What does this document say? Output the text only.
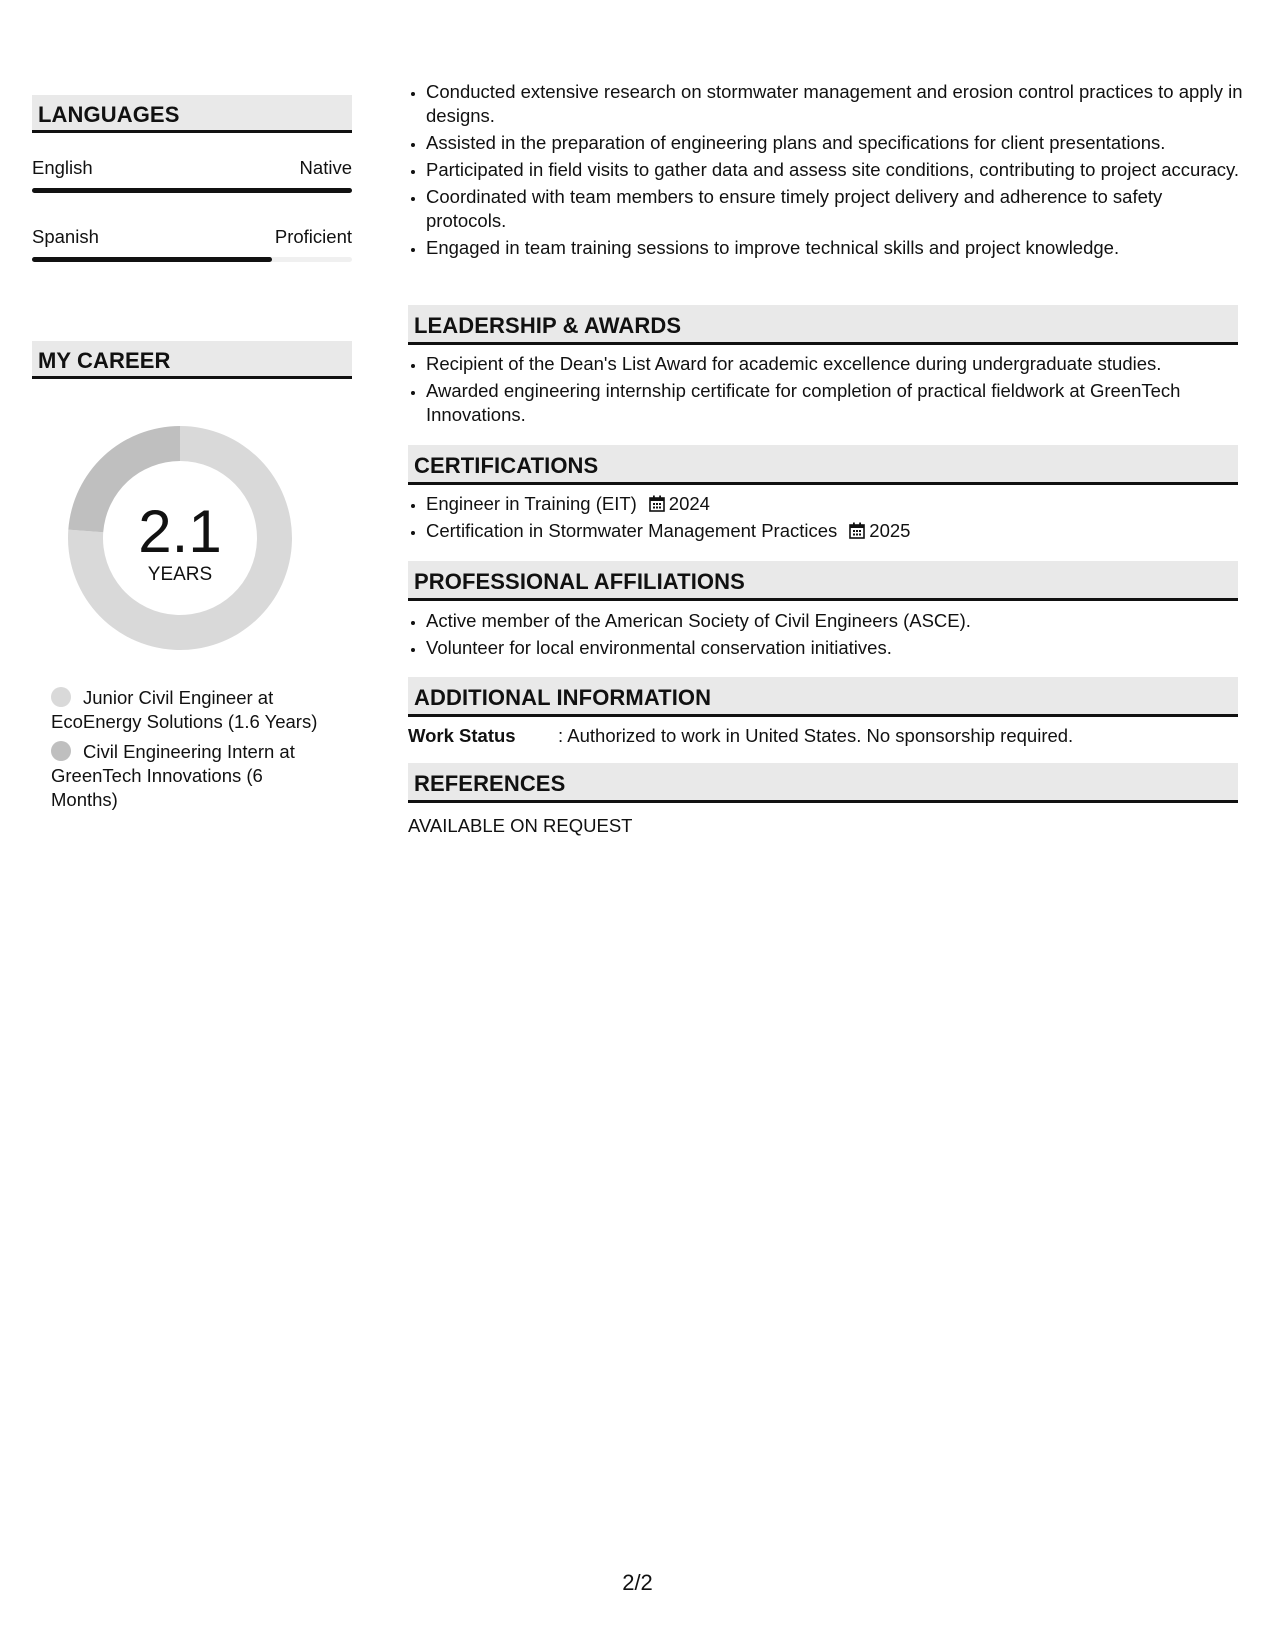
LANGUAGES
English	Native
Spanish	Proficient
MY CAREER
2.1
YEARS
Junior Civil Engineer at EcoEnergy Solutions (1.6 Years)
Civil Engineering Intern at GreenTech Innovations (6 Months)
• Conducted extensive research on stormwater management and erosion control practices to apply in designs.
• Assisted in the preparation of engineering plans and specifications for client presentations.
• Participated in field visits to gather data and assess site conditions, contributing to project accuracy.
• Coordinated with team members to ensure timely project delivery and adherence to safety protocols.
• Engaged in team training sessions to improve technical skills and project knowledge.
LEADERSHIP & AWARDS
• Recipient of the Dean's List Award for academic excellence during undergraduate studies.
• Awarded engineering internship certificate for completion of practical fieldwork at GreenTech Innovations.
CERTIFICATIONS
• Engineer in Training (EIT) 2024
• Certification in Stormwater Management Practices 2025
PROFESSIONAL AFFILIATIONS
• Active member of the American Society of Civil Engineers (ASCE).
• Volunteer for local environmental conservation initiatives.
ADDITIONAL INFORMATION
Work Status : Authorized to work in United States. No sponsorship required.
REFERENCES
AVAILABLE ON REQUEST
2/2
